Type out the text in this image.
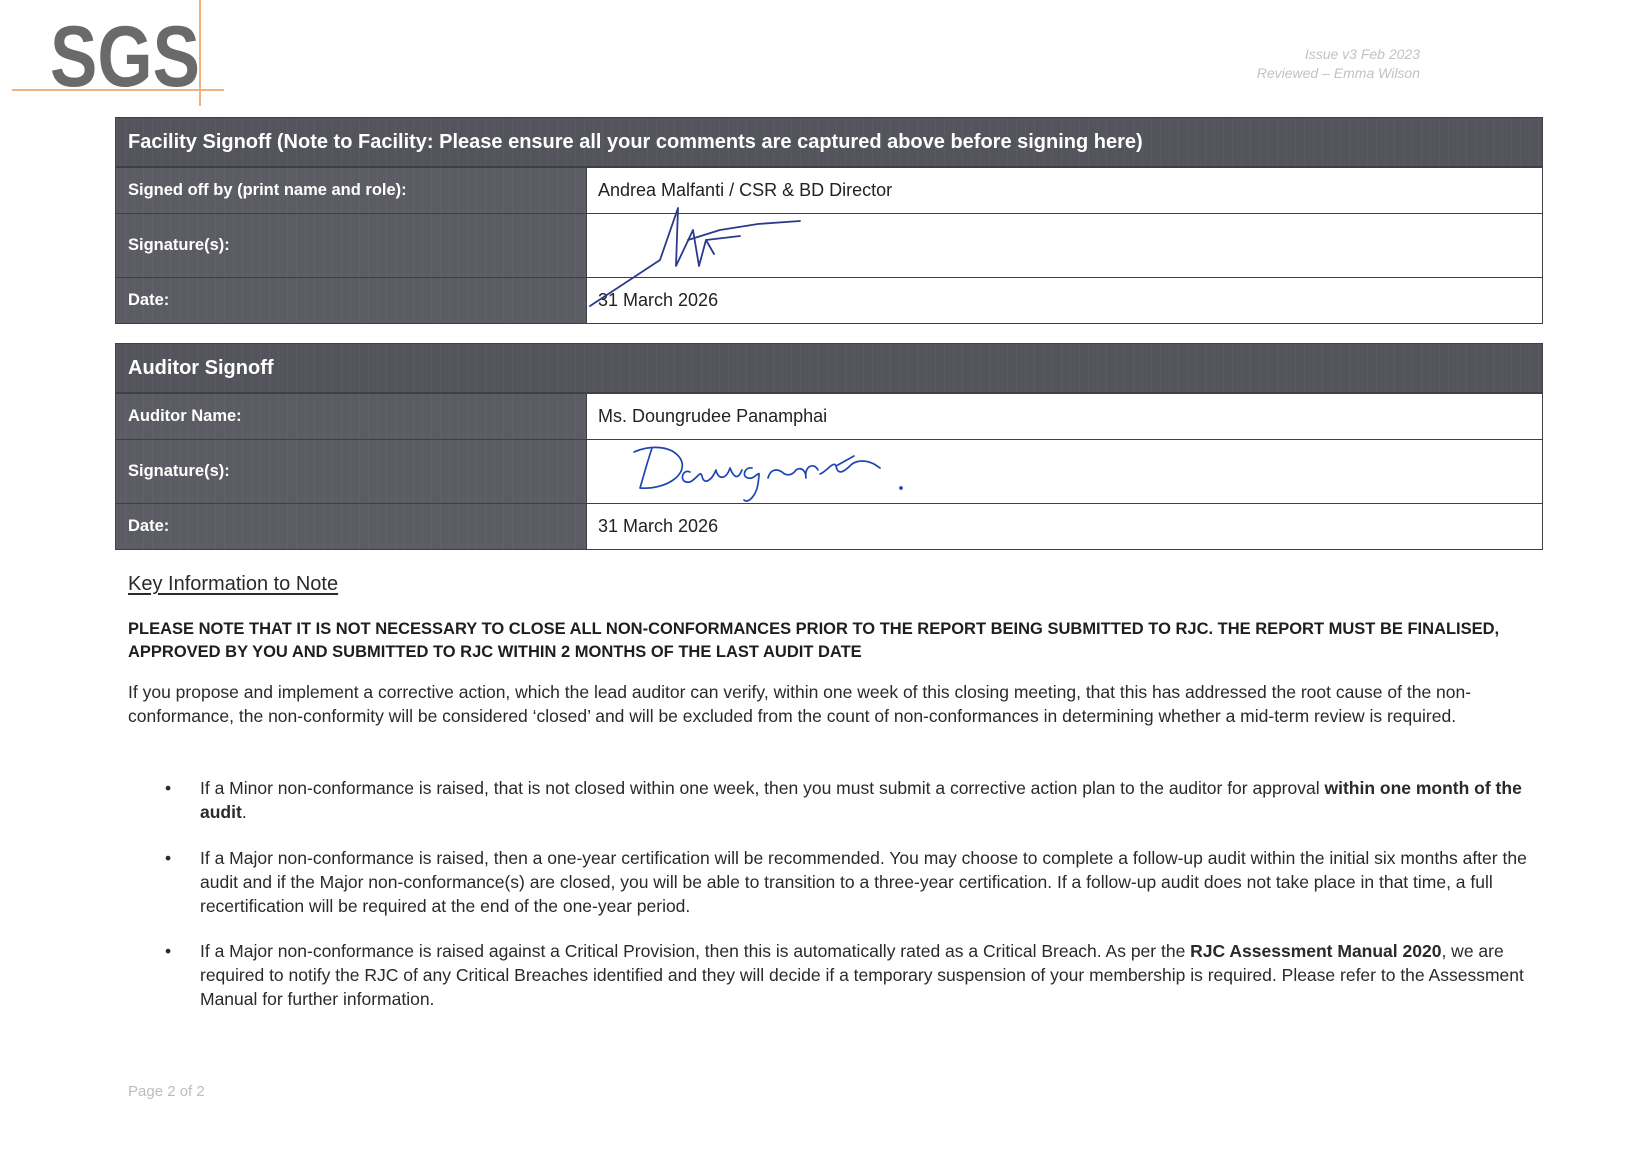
SGS	Issue v3 Feb 2023
Reviewed – Emma Wilson
Facility Signoff (Note to Facility: Please ensure all your comments are captured above before signing here)
Signed off by (print name and role):	Andrea Malfanti / CSR & BD Director
Signature(s):
Date:	31 March 2026
Auditor Signoff
Auditor Name:	Ms. Doungrudee Panamphai
Signature(s):
Date:	31 March 2026
Key Information to Note
PLEASE NOTE THAT IT IS NOT NECESSARY TO CLOSE ALL NON-CONFORMANCES PRIOR TO THE REPORT BEING SUBMITTED TO RJC. THE REPORT MUST BE FINALISED, APPROVED BY YOU AND SUBMITTED TO RJC WITHIN 2 MONTHS OF THE LAST AUDIT DATE
If you propose and implement a corrective action, which the lead auditor can verify, within one week of this closing meeting, that this has addressed the root cause of the non-conformance, the non-conformity will be considered ‘closed’ and will be excluded from the count of non-conformances in determining whether a mid-term review is required.
• If a Minor non-conformance is raised, that is not closed within one week, then you must submit a corrective action plan to the auditor for approval within one month of the audit.
• If a Major non-conformance is raised, then a one-year certification will be recommended. You may choose to complete a follow-up audit within the initial six months after the audit and if the Major non-conformance(s) are closed, you will be able to transition to a three-year certification. If a follow-up audit does not take place in that time, a full recertification will be required at the end of the one-year period.
• If a Major non-conformance is raised against a Critical Provision, then this is automatically rated as a Critical Breach. As per the RJC Assessment Manual 2020, we are required to notify the RJC of any Critical Breaches identified and they will decide if a temporary suspension of your membership is required. Please refer to the Assessment Manual for further information.
Page 2 of 2
